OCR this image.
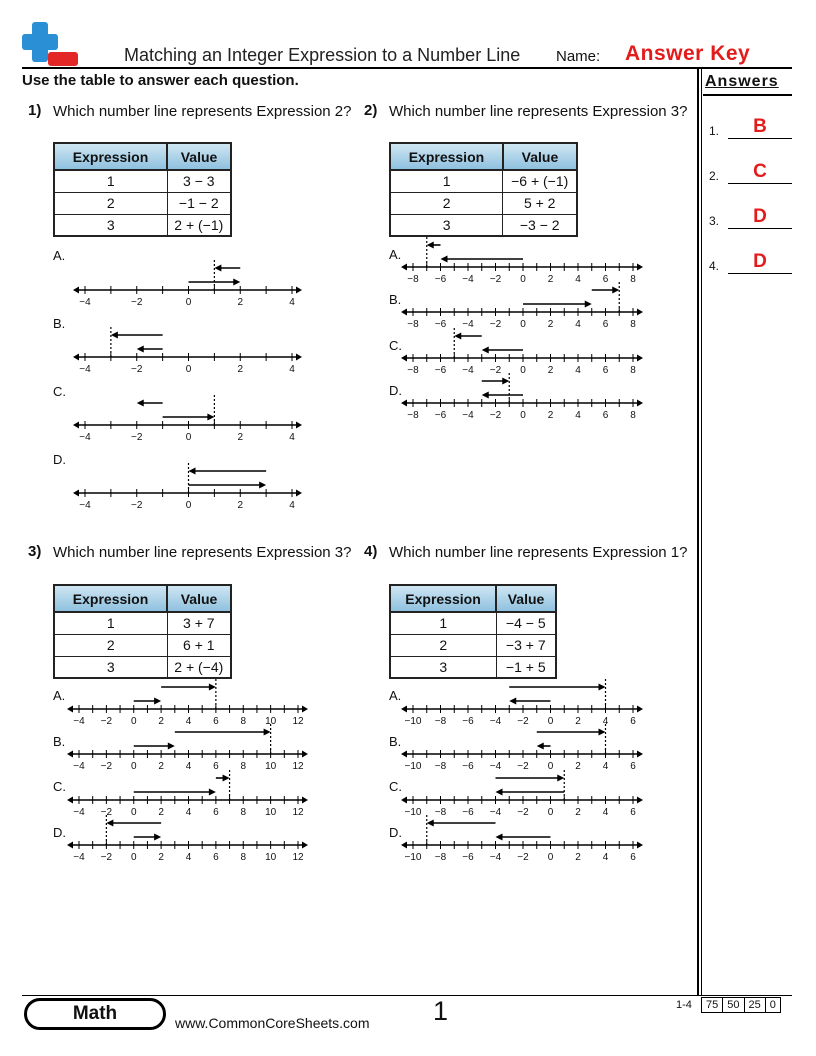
Matching an Integer Expression to a Number Line Name: Answer Key
Use the table to answer each question.	Answers
1.	B
2.	C
3.	D
4.	D
1) Which number line represents Expression 2?
Expression	Value
1	3 − 3
2	−1 − 2
3	2 + (−1)
A.
B.
C.
D.
2) Which number line represents Expression 3?
Expression	Value
1	−6 + (−1)
2	5 + 2
3	−3 − 2
A.
B.
C.
D.
3) Which number line represents Expression 3?
Expression	Value
1	3 + 7
2	6 + 1
3	2 + (−4)
A.
B.
C.
D.
4) Which number line represents Expression 1?
Expression	Value
1	−4 − 5
2	−3 + 7
3	−1 + 5
A.
B.
C.
D.
−4	−2	0	2	4
−4	−2	0	2	4
−4	−2	0	2	4
−4	−2	0	2	4
−8 −6 −4 −2 0 2 4 6 8
−8 −6 −4 −2 0 2 4 6 8
−8 −6 −4 −2 0 2 4 6 8
−8 −6 −4 −2 0 2 4 6 8
−4 −2 0 2 4 6 8 10 12
−4 −2 0 2 4 6 8 10 12
−4 −2 0 2 4 6 8 10 12
−4 −2 0 2 4 6 8 10 12
−10 −8 −6 −4 −2 0 2 4 6
−10 −8 −6 −4 −2 0 2 4 6
−10 −8 −6 −4 −2 0 2 4 6
−10 −8 −6 −4 −2 0 2 4 6
Math	www.CommonCoreSheets.com 1	1-4	75 50 25 0
